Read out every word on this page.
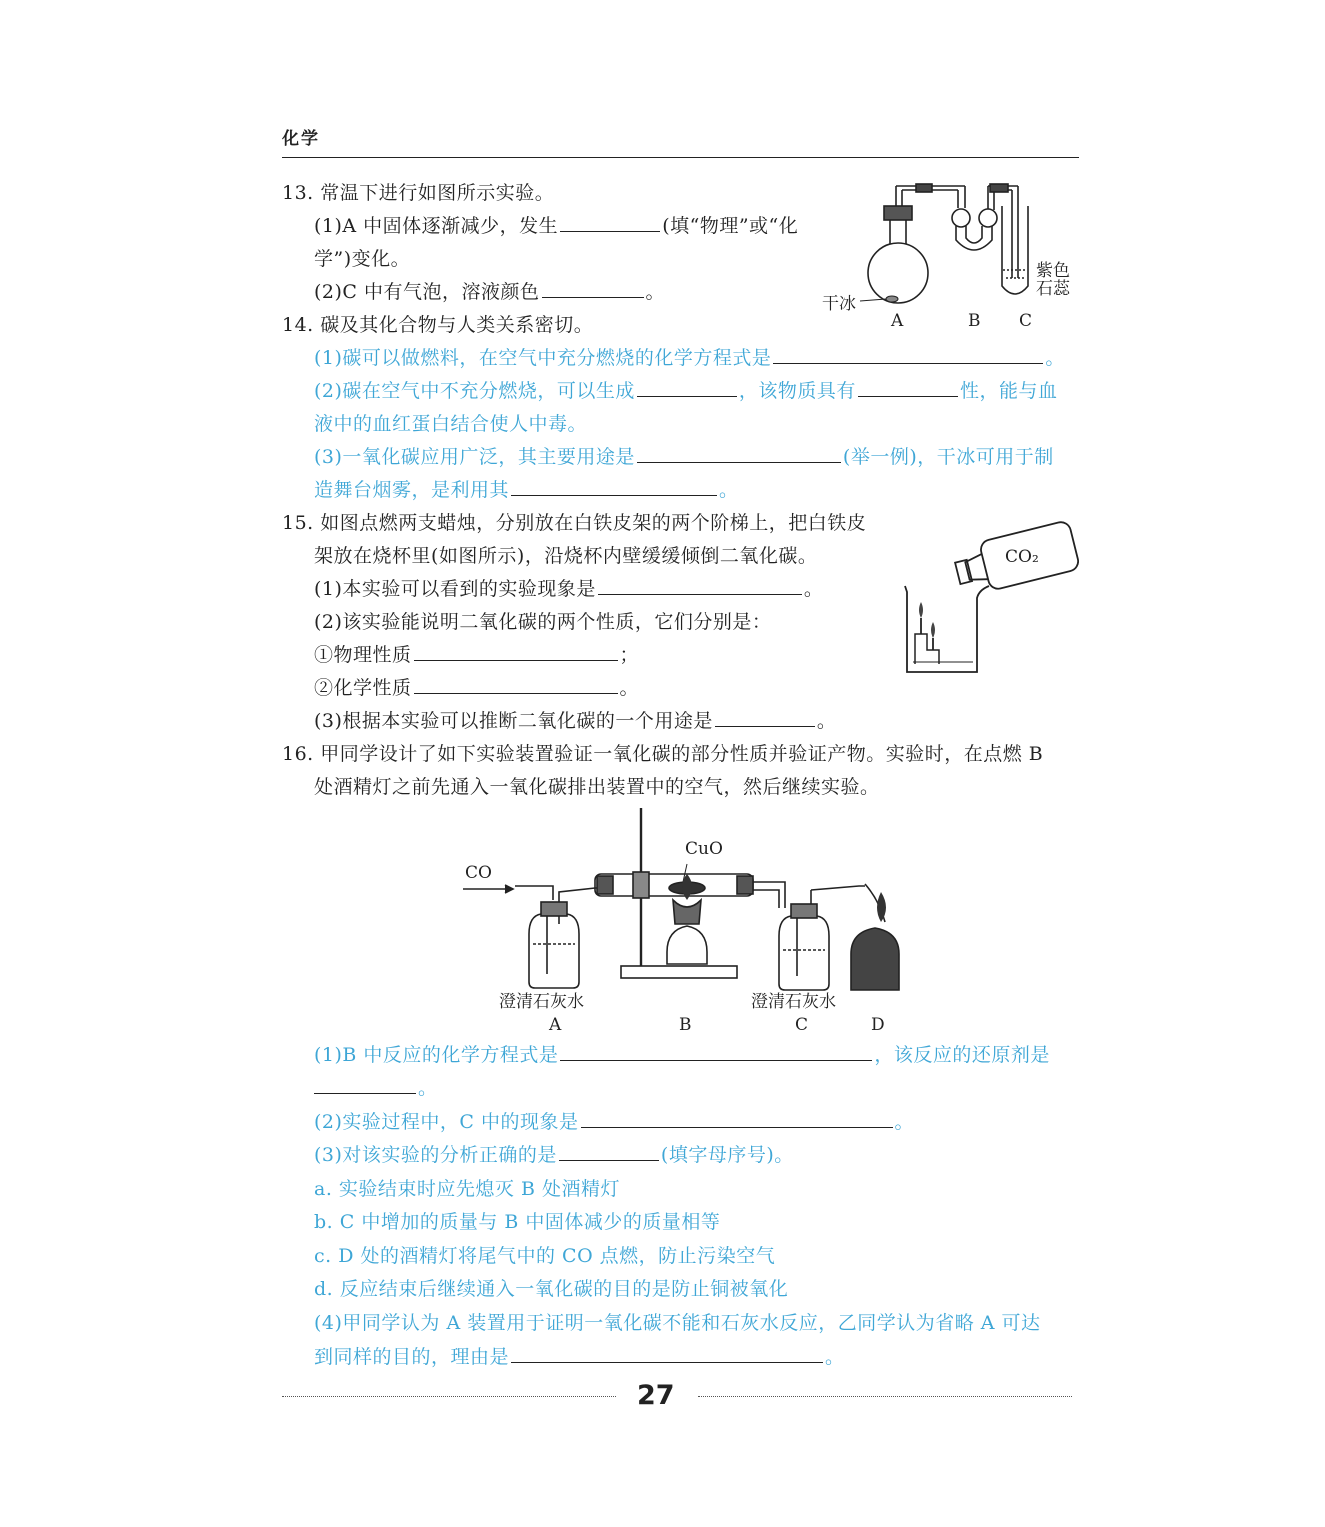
化学
13. 常温下进行如图所示实验。
(1)A 中固体逐渐减少，发生	(填“物理”或“化
学”)变化。
(2)C 中有气泡，溶液颜色	。
干冰
紫色
石蕊
A	B C
14. 碳及其化合物与人类关系密切。
(1)碳可以做燃料，在空气中充分燃烧的化学方程式是	。
(2)碳在空气中不充分燃烧，可以生成	，该物质具有	性，能与血
液中的血红蛋白结合使人中毒。
(3)一氧化碳应用广泛，其主要用途是	(举一例)，干冰可用于制
造舞台烟雾，是利用其	。
15. 如图点燃两支蜡烛，分别放在白铁皮架的两个阶梯上，把白铁皮
架放在烧杯里(如图所示)，沿烧杯内壁缓缓倾倒二氧化碳。
(1)本实验可以看到的实验现象是	。
(2)该实验能说明二氧化碳的两个性质，它们分别是：
①物理性质	；
②化学性质	。
(3)根据本实验可以推断二氧化碳的一个用途是	。
CO₂
16. 甲同学设计了如下实验装置验证一氧化碳的部分性质并验证产物。实验时，在点燃 B
处酒精灯之前先通入一氧化碳排出装置中的空气，然后继续实验。
CO
CuO
澄清石灰水	澄清石灰水
A	B	C	D
(1)B 中反应的化学方程式是	，该反应的还原剂是
。
(2)实验过程中，C 中的现象是	。
(3)对该实验的分析正确的是	(填字母序号)。
a. 实验结束时应先熄灭 B 处酒精灯
b. C 中增加的质量与 B 中固体减少的质量相等
c. D 处的酒精灯将尾气中的 CO 点燃，防止污染空气
d. 反应结束后继续通入一氧化碳的目的是防止铜被氧化
(4)甲同学认为 A 装置用于证明一氧化碳不能和石灰水反应，乙同学认为省略 A 可达
到同样的目的，理由是	。
27
